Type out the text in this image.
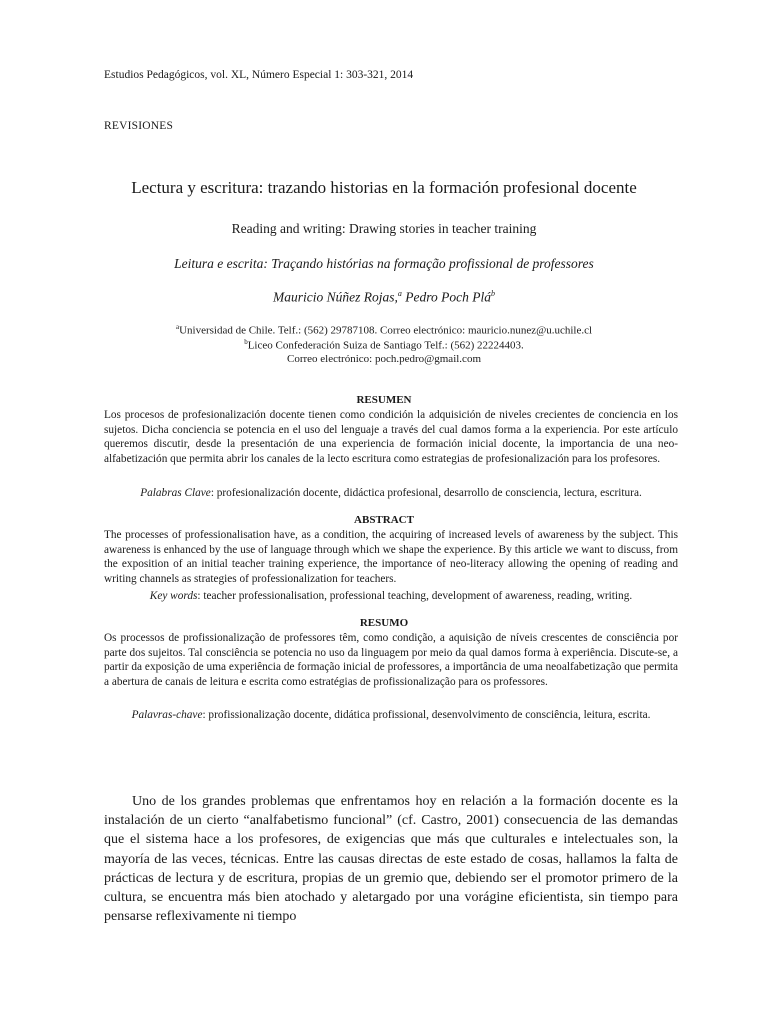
Estudios Pedagógicos, vol. XL, Número Especial 1: 303-321, 2014
REVISIONES
Lectura y escritura: trazando historias en la formación profesional docente
Reading and writing: Drawing stories in teacher training
Leitura e escrita: Traçando histórias na formação profissional de professores
Mauricio Núñez Rojas,$^a$ Pedro Poch Plá$^b$
$^a$Universidad de Chile. Telf.: (562) 29787108. Correo electrónico: mauricio.nunez@u.uchile.cl
$^b$Liceo Confederación Suiza de Santiago Telf.: (562) 22224403.
Correo electrónico: poch.pedro@gmail.com
RESUMEN
Los procesos de profesionalización docente tienen como condición la adquisición de niveles crecientes de conciencia en los sujetos. Dicha conciencia se potencia en el uso del lenguaje a través del cual damos forma a la experiencia. Por este artículo queremos discutir, desde la presentación de una experiencia de formación inicial docente, la importancia de una neo-alfabetización que permita abrir los canales de la lecto escritura como estrategias de profesionalización para los profesores.
Palabras Clave: profesionalización docente, didáctica profesional, desarrollo de consciencia, lectura, escritura.
ABSTRACT
The processes of professionalisation have, as a condition, the acquiring of increased levels of awareness by the subject. This awareness is enhanced by the use of language through which we shape the experience. By this article we want to discuss, from the exposition of an initial teacher training experience, the importance of neo-literacy allowing the opening of reading and writing channels as strategies of professionalization for teachers.
Key words: teacher professionalisation, professional teaching, development of awareness, reading, writing.
RESUMO
Os processos de profissionalização de professores têm, como condição, a aquisição de níveis crescentes de consciência por parte dos sujeitos. Tal consciência se potencia no uso da linguagem por meio da qual damos forma à experiência. Discute-se, a partir da exposição de uma experiência de formação inicial de professores, a importância de uma neoalfabetização que permita a abertura de canais de leitura e escrita como estratégias de profissionalização para os professores.
Palavras-chave: profissionalização docente, didática profissional, desenvolvimento de consciência, leitura, escrita.
Uno de los grandes problemas que enfrentamos hoy en relación a la formación docente es la instalación de un cierto “analfabetismo funcional” (cf. Castro, 2001) consecuencia de las demandas que el sistema hace a los profesores, de exigencias que más que culturales e intelectuales son, la mayoría de las veces, técnicas. Entre las causas directas de este estado de cosas, hallamos la falta de prácticas de lectura y de escritura, propias de un gremio que, debiendo ser el promotor primero de la cultura, se encuentra más bien atochado y aletargado por una vorágine eficientista, sin tiempo para pensarse reflexivamente ni tiempo
